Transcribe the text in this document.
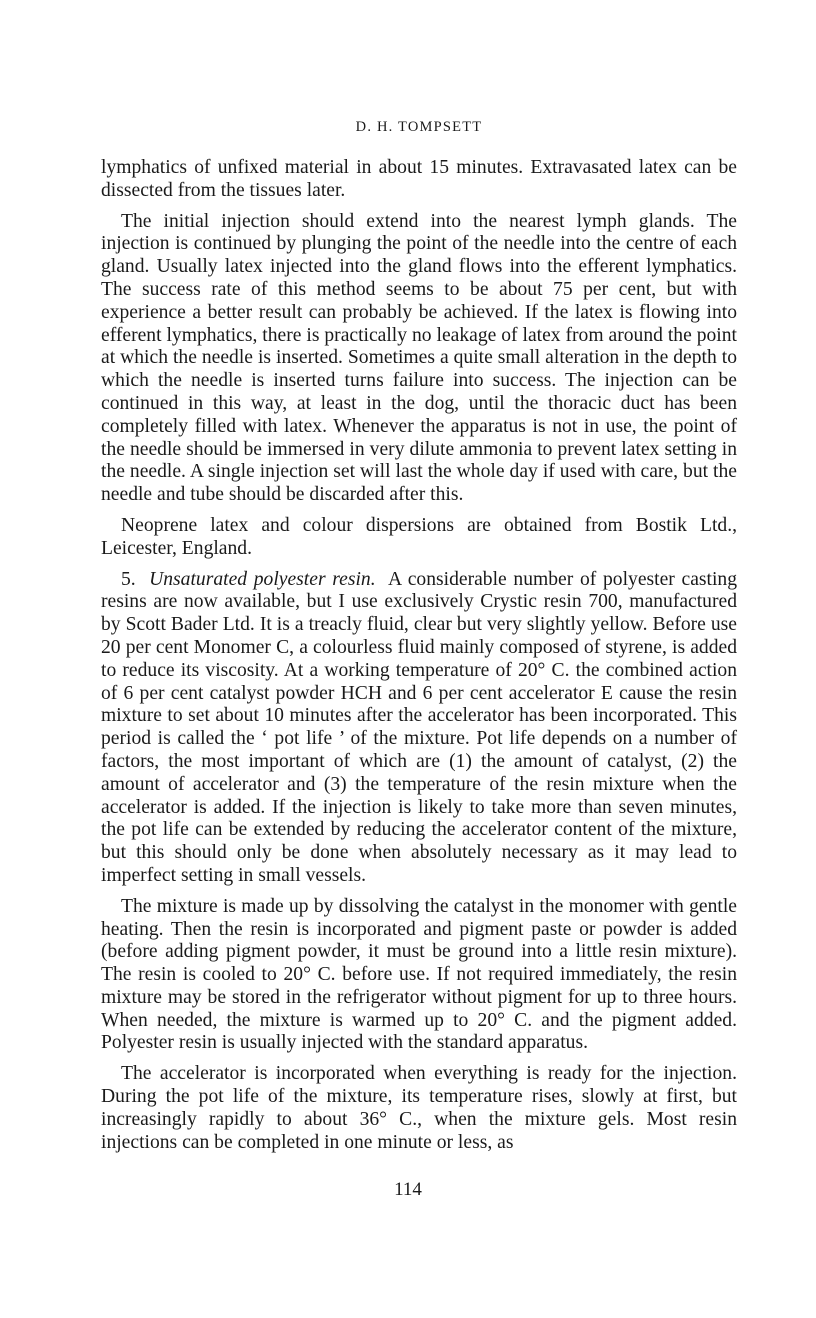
D. H. TOMPSETT

lymphatics of unfixed material in about 15 minutes. Extravasated latex can be dissected from the tissues later.

The initial injection should extend into the nearest lymph glands. The injection is continued by plunging the point of the needle into the centre of each gland. Usually latex injected into the gland flows into the efferent lymphatics. The success rate of this method seems to be about 75 per cent, but with experience a better result can probably be achieved. If the latex is flowing into efferent lymphatics, there is practically no leakage of latex from around the point at which the needle is inserted. Sometimes a quite small alteration in the depth to which the needle is inserted turns failure into success. The injection can be continued in this way, at least in the dog, until the thoracic duct has been completely filled with latex. Whenever the apparatus is not in use, the point of the needle should be immersed in very dilute ammonia to prevent latex setting in the needle. A single injection set will last the whole day if used with care, but the needle and tube should be discarded after this.

Neoprene latex and colour dispersions are obtained from Bostik Ltd., Leicester, England.

5. Unsaturated polyester resin. A considerable number of polyester casting resins are now available, but I use exclusively Crystic resin 700, manufactured by Scott Bader Ltd. It is a treacly fluid, clear but very slightly yellow. Before use 20 per cent Monomer C, a colourless fluid mainly composed of styrene, is added to reduce its viscosity. At a working temperature of 20° C. the combined action of 6 per cent catalyst powder HCH and 6 per cent accelerator E cause the resin mixture to set about 10 minutes after the accelerator has been incorporated. This period is called the ‘ pot life ’ of the mixture. Pot life depends on a number of factors, the most important of which are (1) the amount of catalyst, (2) the amount of accelerator and (3) the temperature of the resin mixture when the accelerator is added. If the injection is likely to take more than seven minutes, the pot life can be extended by reducing the accelerator content of the mixture, but this should only be done when absolutely necessary as it may lead to imperfect setting in small vessels.

The mixture is made up by dissolving the catalyst in the monomer with gentle heating. Then the resin is incorporated and pigment paste or powder is added (before adding pigment powder, it must be ground into a little resin mixture). The resin is cooled to 20° C. before use. If not required immediately, the resin mixture may be stored in the refrigerator without pigment for up to three hours. When needed, the mixture is warmed up to 20° C. and the pigment added. Polyester resin is usually injected with the standard apparatus.

The accelerator is incorporated when everything is ready for the injection. During the pot life of the mixture, its temperature rises, slowly at first, but increasingly rapidly to about 36° C., when the mixture gels. Most resin injections can be completed in one minute or less, as

114
